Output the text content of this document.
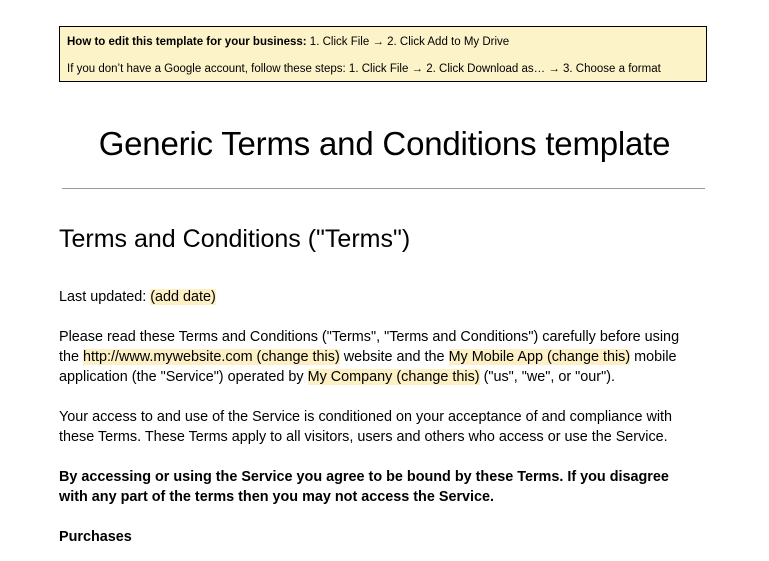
How to edit this template for your business: 1. Click File → 2. Click Add to My Drive
If you don’t have a Google account, follow these steps: 1. Click File → 2. Click Download as… → 3. Choose a format
Generic Terms and Conditions template
Terms and Conditions ("Terms")

Last updated: (add date)

Please read these Terms and Conditions ("Terms", "Terms and Conditions") carefully before using
the http://www.mywebsite.com (change this) website and the My Mobile App (change this) mobile
application (the "Service") operated by My Company (change this) ("us", "we", or "our").

Your access to and use of the Service is conditioned on your acceptance of and compliance with
these Terms. These Terms apply to all visitors, users and others who access or use the Service.

By accessing or using the Service you agree to be bound by these Terms. If you disagree
with any part of the terms then you may not access the Service.

Purchases
